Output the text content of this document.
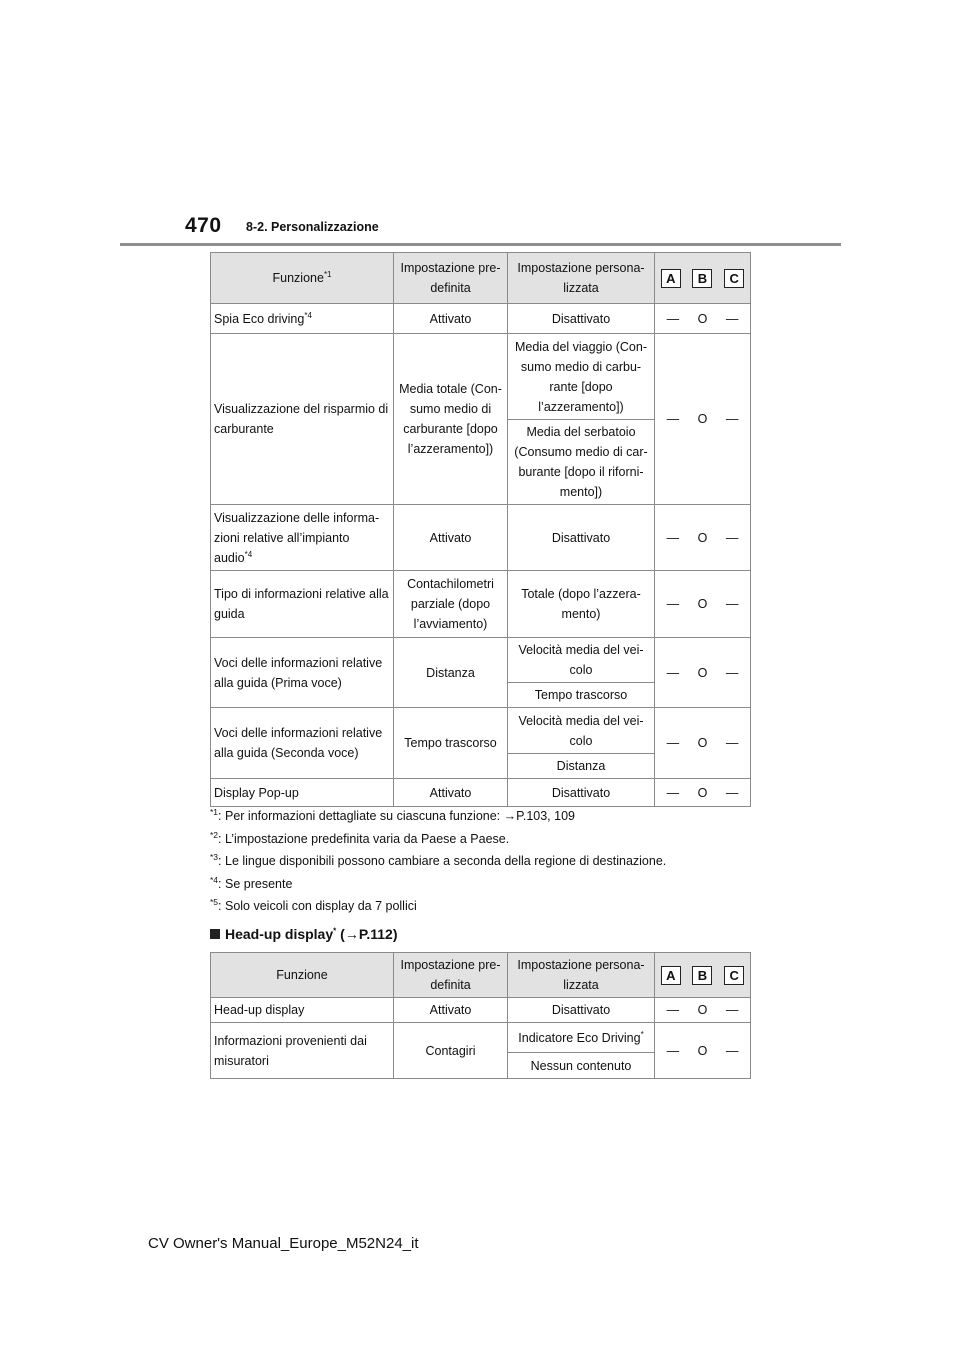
470 8-2. Personalizzazione
Funzione$^{*1}$	Impostazione pre-definita	Impostazione persona-lizzata	A B C

Spia Eco driving$^{*4}$	Attivato	Disattivato	— O —

Visualizzazione del risparmio di carburante	Media totale (Con-sumo medio di carburante [dopo l’azzeramento])	Media del viaggio (Con-sumo medio di carbu-rante [dopo l’azzeramento])	— O —

		Media del serbatoio (Consumo medio di car-burante [dopo il riforni-mento])	
Visualizzazione delle informa-zioni relative all’impianto audio$^{*4}$	Attivato	Disattivato	— O —

Tipo di informazioni relative alla guida	Contachilometri parziale (dopo l’avviamento)	Totale (dopo l’azzera-mento)	— O —

Voci delle informazioni relative alla guida (Prima voce)	Distanza	Velocità media del vei-colo	— O —

		Tempo trascorso	
Voci delle informazioni relative alla guida (Seconda voce)	Tempo trascorso	Velocità media del vei-colo	— O —

		Distanza	
Display Pop-up	Attivato	Disattivato	— O —
$^{*1}$: Per informazioni dettagliate su ciascuna funzione: →P.103, 109
$^{*2}$: L’impostazione predefinita varia da Paese a Paese.
$^{*3}$: Le lingue disponibili possono cambiare a seconda della regione di destinazione.
$^{*4}$: Se presente
$^{*5}$: Solo veicoli con display da 7 pollici
Head-up display* (→P.112)
Funzione	Impostazione pre-definita	Impostazione persona-lizzata	A B C

Head-up display	Attivato	Disattivato	— O —

Informazioni provenienti dai misuratori	Contagiri	Indicatore Eco Driving*	— O —

		Nessun contenuto	
CV Owner's Manual_Europe_M52N24_it
